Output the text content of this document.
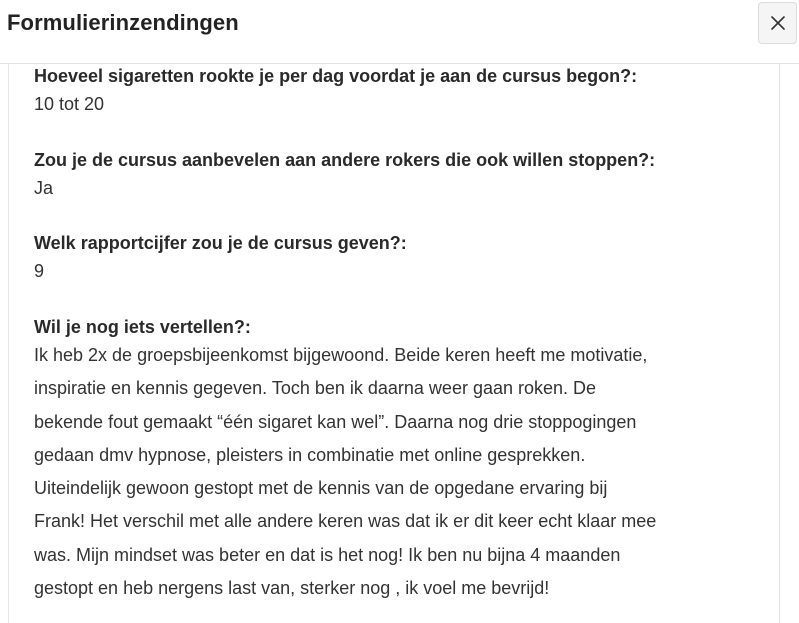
Formulierinzendingen

Hoeveel sigaretten rookte je per dag voordat je aan de cursus begon?:

10 tot 20

Zou je de cursus aanbevelen aan andere rokers die ook willen stoppen?:

Ja

Welk rapportcijfer zou je de cursus geven?:

9

Wil je nog iets vertellen?:

Ik heb 2x de groepsbijeenkomst bijgewoond. Beide keren heeft me motivatie,

inspiratie en kennis gegeven. Toch ben ik daarna weer gaan roken. De

bekende fout gemaakt “één sigaret kan wel”. Daarna nog drie stoppogingen

gedaan dmv hypnose, pleisters in combinatie met online gesprekken.

Uiteindelijk gewoon gestopt met de kennis van de opgedane ervaring bij

Frank! Het verschil met alle andere keren was dat ik er dit keer echt klaar mee

was. Mijn mindset was beter en dat is het nog! Ik ben nu bijna 4 maanden

gestopt en heb nergens last van, sterker nog , ik voel me bevrijd!
